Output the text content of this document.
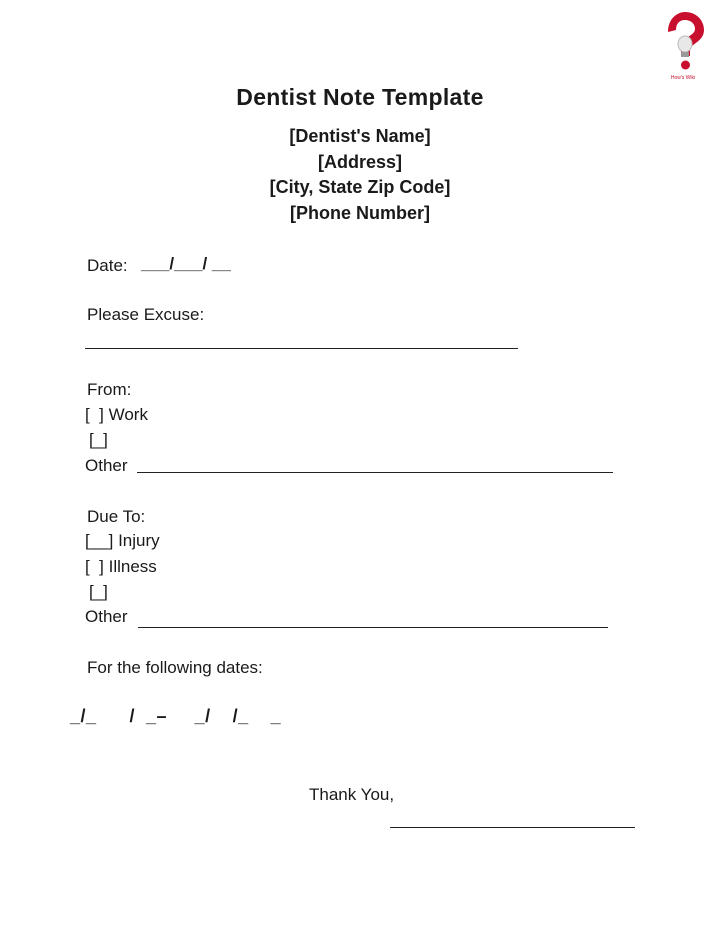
How's Wiki
Dentist Note Template
[Dentist's Name]
[Address]
[City, State Zip Code]
[Phone Number]
Date: ___/___/ __
Please Excuse:
From:
[  ] Work
[_]
Other
Due To:
[__] Injury
[  ] Illness
[_]
Other
For the following dates:
_/_      /  _–     _/    /_    _
Thank You,
